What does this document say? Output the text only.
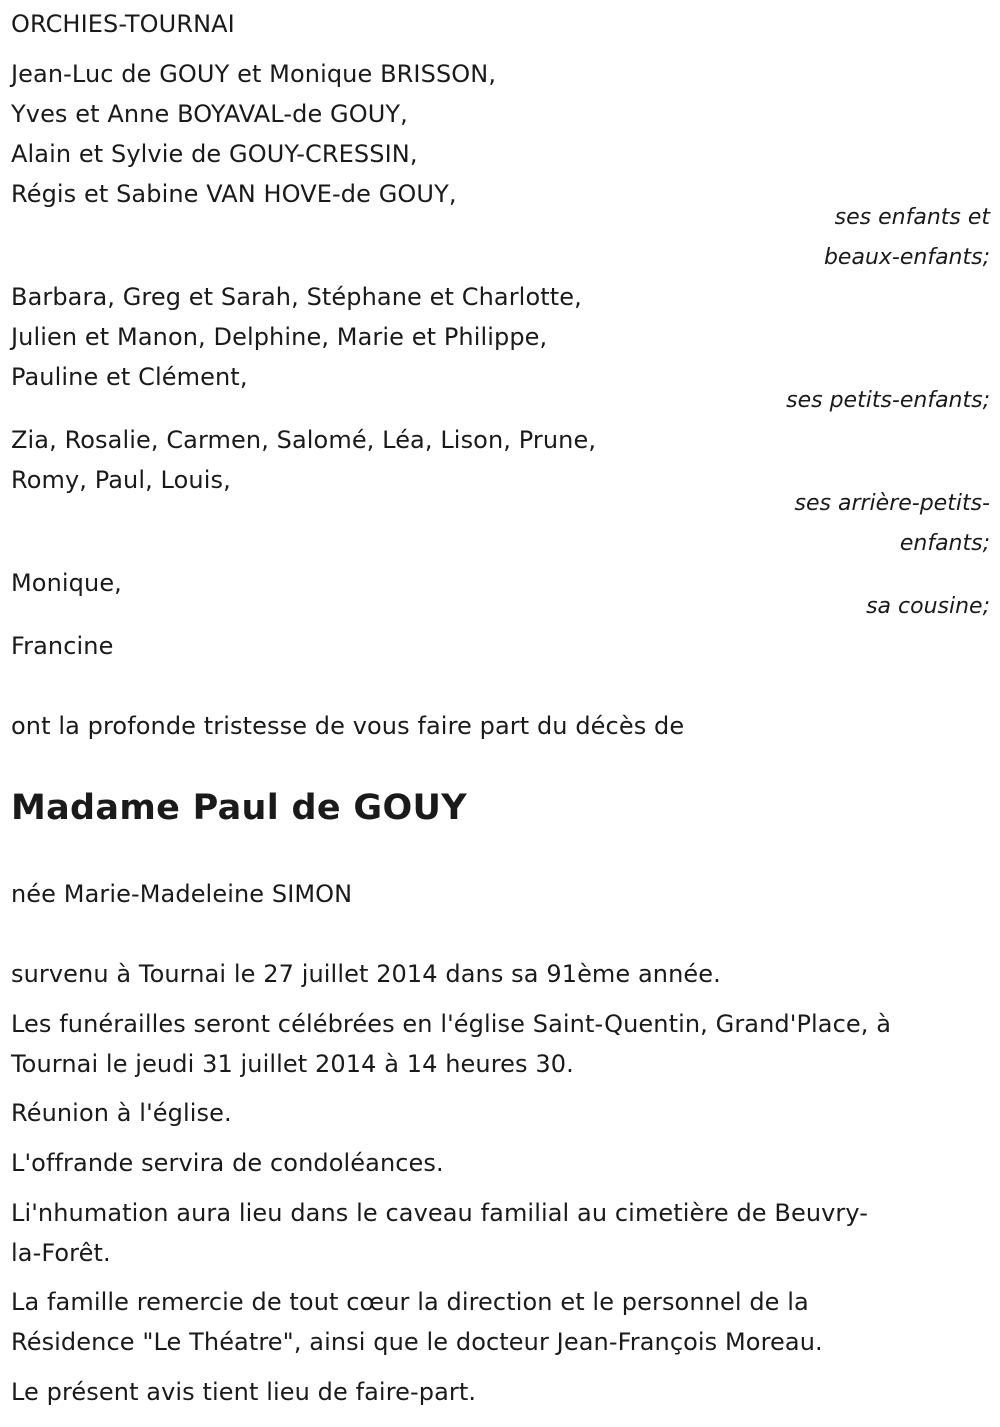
ORCHIES-TOURNAI
Jean-Luc de GOUY et Monique BRISSON,
Yves et Anne BOYAVAL-de GOUY,
Alain et Sylvie de GOUY-CRESSIN,
Régis et Sabine VAN HOVE-de GOUY,
ses enfants et
beaux-enfants;
Barbara, Greg et Sarah, Stéphane et Charlotte,
Julien et Manon, Delphine, Marie et Philippe,
Pauline et Clément,
ses petits-enfants;
Zia, Rosalie, Carmen, Salomé, Léa, Lison, Prune,
Romy, Paul, Louis,
ses arrière-petits-
enfants;
Monique,
sa cousine;
Francine
ont la profonde tristesse de vous faire part du décès de
Madame Paul de GOUY
née Marie-Madeleine SIMON
survenu à Tournai le 27 juillet 2014 dans sa 91ème année.
Les funérailles seront célébrées en l'église Saint-Quentin, Grand'Place, à
Tournai le jeudi 31 juillet 2014 à 14 heures 30.
Réunion à l'église.
L'offrande servira de condoléances.
Li'nhumation aura lieu dans le caveau familial au cimetière de Beuvry-
la-Forêt.
La famille remercie de tout cœur la direction et le personnel de la
Résidence "Le Théatre", ainsi que le docteur Jean-François Moreau.
Le présent avis tient lieu de faire-part.
